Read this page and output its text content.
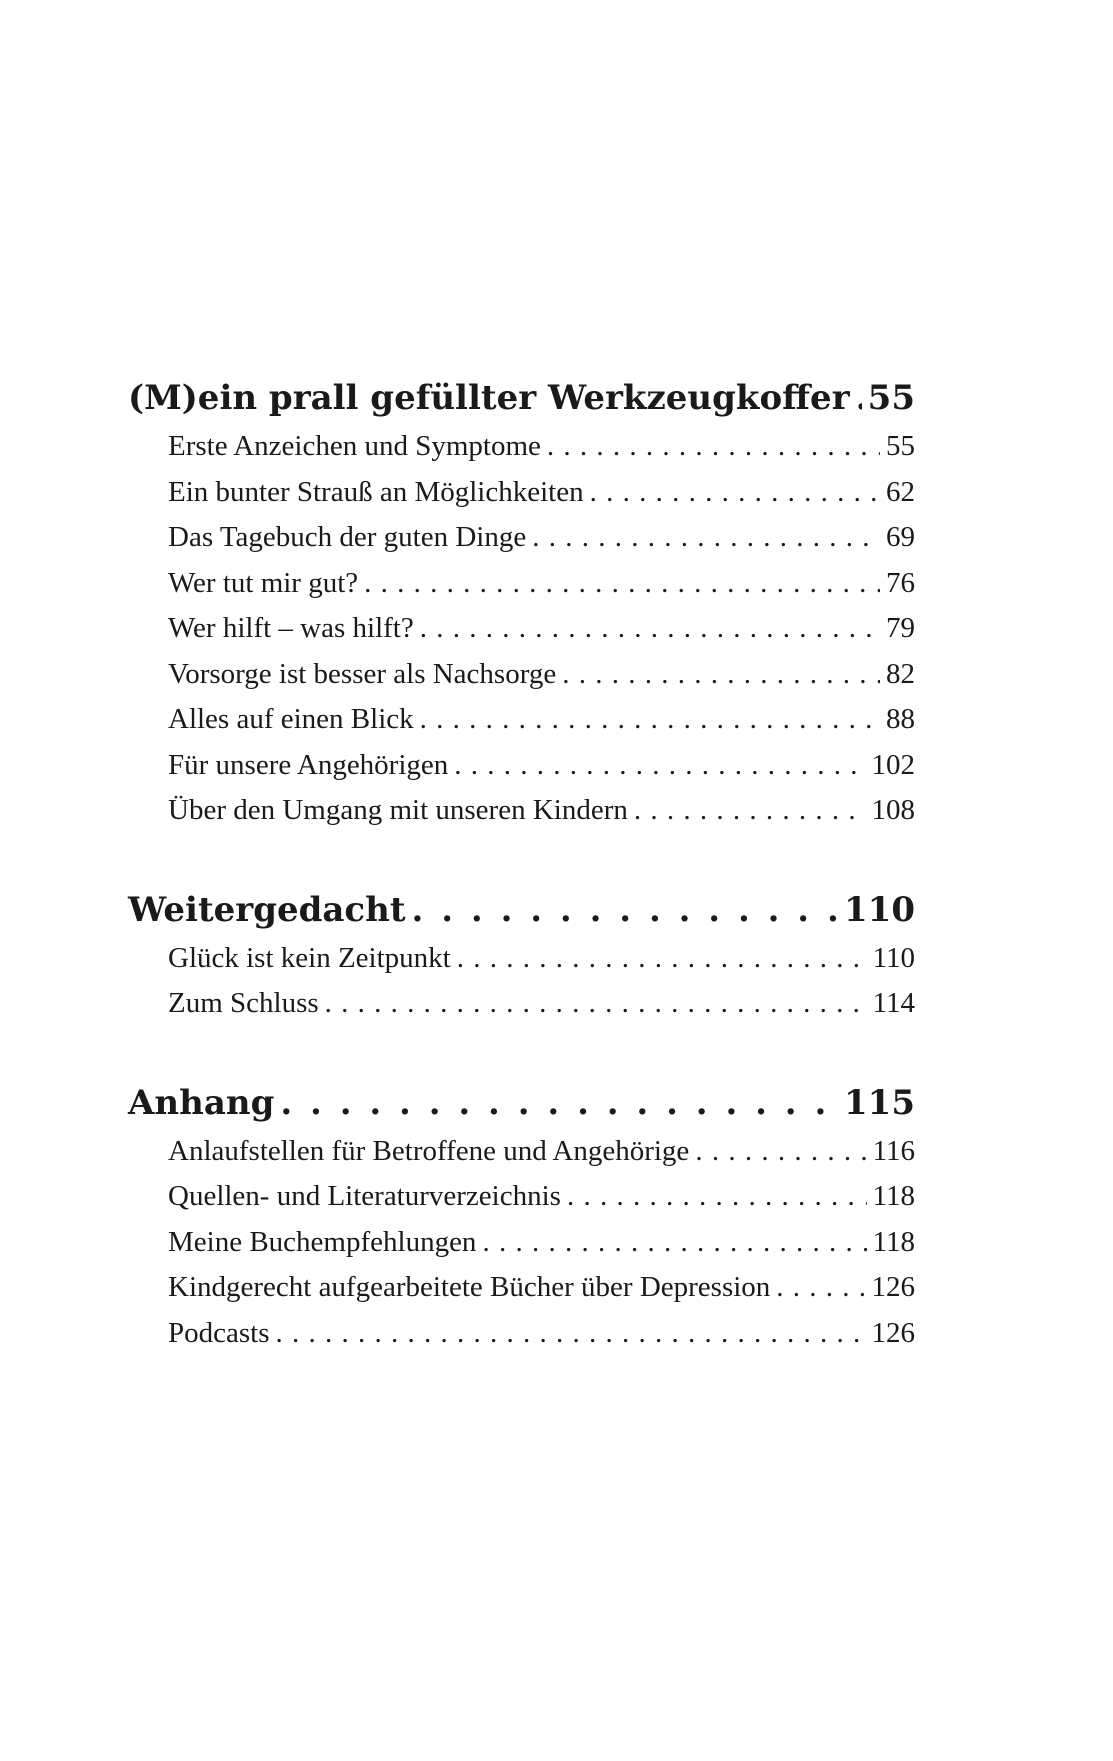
(M)ein prall gefüllter Werkzeugkoffer . . . 55
Erste Anzeichen und Symptome . . .	55
Ein bunter Strauß an Möglichkeiten . . .	62
Das Tagebuch der guten Dinge . . .	69
Wer tut mir gut? . . .	76
Wer hilft – was hilft? . . .	79
Vorsorge ist besser als Nachsorge . . .	82
Alles auf einen Blick . . .	88
Für unsere Angehörigen . . .	102
Über den Umgang mit unseren Kindern . . .	108
Weitergedacht . . .	110
Glück ist kein Zeitpunkt . . .	110
Zum Schluss . . .	114
Anhang . . .	115
Anlaufstellen für Betroffene und Angehörige . . .	116
Quellen- und Literaturverzeichnis . . .	118
Meine Buchempfehlungen . . .	118
Kindgerecht aufgearbeitete Bücher über Depression . . .	126
Podcasts . . .	126
